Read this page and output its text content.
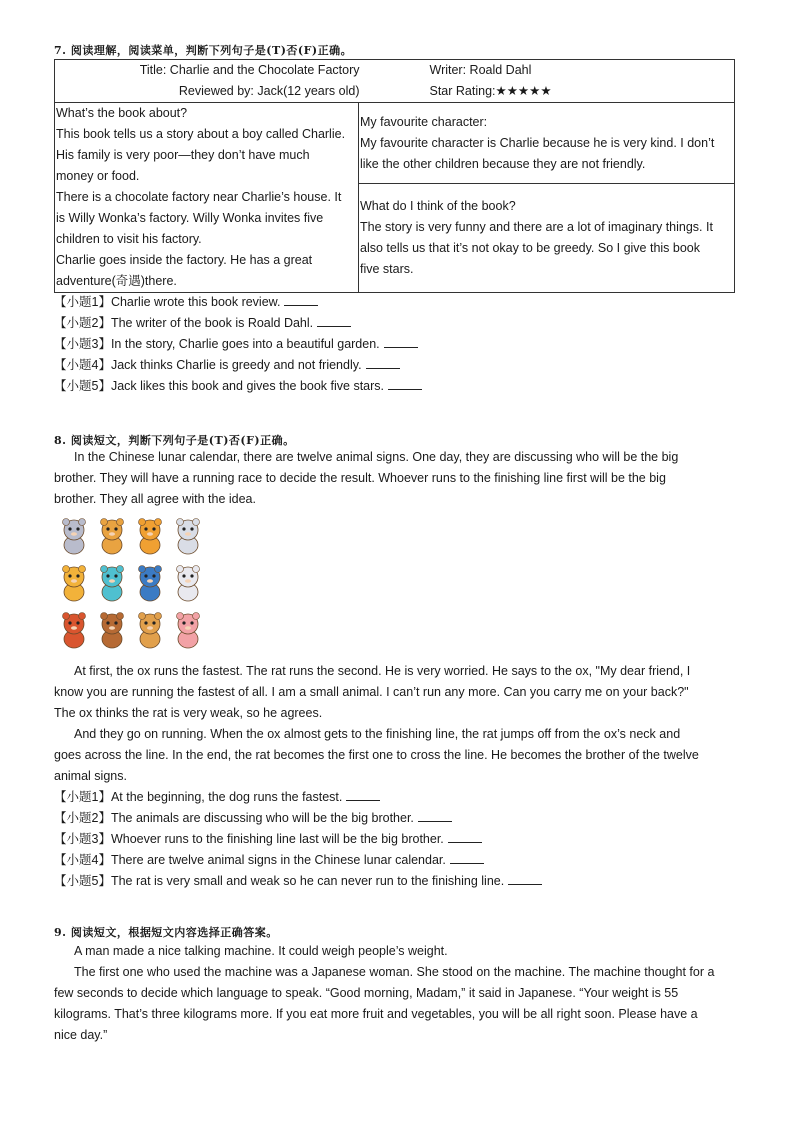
7. 阅读理解，阅读菜单，判断下列句子是(T)否(F)正确。
Title: Charlie and the Chocolate Factory	Writer: Roald Dahl
Reviewed by: Jack(12 years old)	Star Rating:★★★★★

What’s the book about?
This book tells us a story about a boy called Charlie.
His family is very poor—they don’t have much
money or food.
There is a chocolate factory near Charlie’s house. It
is Willy Wonka’s factory. Willy Wonka invites five
children to visit his factory.
Charlie goes inside the factory. He has a great
adventure(奇遇)there.

My favourite character:
My favourite character is Charlie because he is very kind. I don’t
like the other children because they are not friendly.

What do I think of the book?
The story is very funny and there are a lot of imaginary things. It
also tells us that it’s not okay to be greedy. So I give this book
five stars.
【小题1】Charlie wrote this book review.
【小题2】The writer of the book is Roald Dahl.
【小题3】In the story, Charlie goes into a beautiful garden.
【小题4】Jack thinks Charlie is greedy and not friendly.
【小题5】Jack likes this book and gives the book five stars.
8. 阅读短文，判断下列句子是(T)否(F)正确。
In the Chinese lunar calendar, there are twelve animal signs. One day, they are discussing who will be the big
brother. They will have a running race to decide the result. Whoever runs to the finishing line first will be the big
brother. They all agree with the idea.
At first, the ox runs the fastest. The rat runs the second. He is very worried. He says to the ox, "My dear friend, I
know you are running the fastest of all. I am a small animal. I can’t run any more. Can you carry me on your back?"
The ox thinks the rat is very weak, so he agrees.
And they go on running. When the ox almost gets to the finishing line, the rat jumps off from the ox’s neck and
goes across the line. In the end, the rat becomes the first one to cross the line. He becomes the brother of the twelve
animal signs.
【小题1】At the beginning, the dog runs the fastest.
【小题2】The animals are discussing who will be the big brother.
【小题3】Whoever runs to the finishing line last will be the big brother.
【小题4】There are twelve animal signs in the Chinese lunar calendar.
【小题5】The rat is very small and weak so he can never run to the finishing line.
9. 阅读短文，根据短文内容选择正确答案。
A man made a nice talking machine. It could weigh people’s weight.
The first one who used the machine was a Japanese woman. She stood on the machine. The machine thought for a
few seconds to decide which language to speak. “Good morning, Madam,” it said in Japanese. “Your weight is 55
kilograms. That’s three kilograms more. If you eat more fruit and vegetables, you will be all right soon. Please have a
nice day.”
